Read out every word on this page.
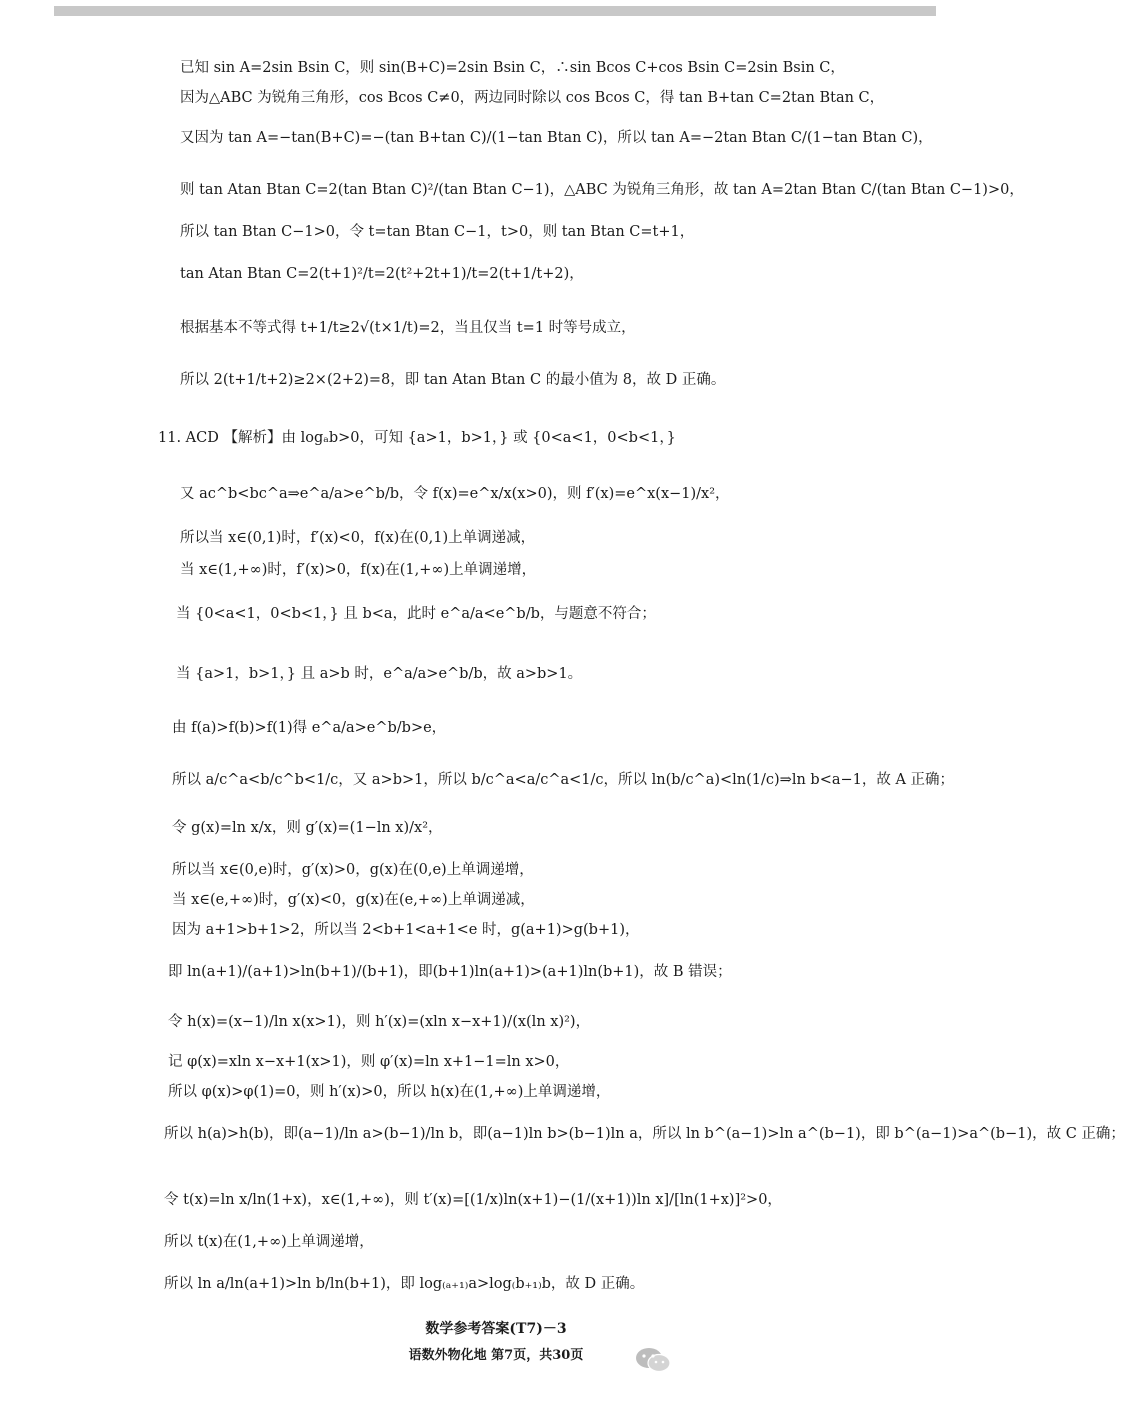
已知 sin A=2sin Bsin C，则 sin(B+C)=2sin Bsin C，∴sin Bcos C+cos Bsin C=2sin Bsin C，
因为△ABC 为锐角三角形，cos Bcos C≠0，两边同时除以 cos Bcos C，得 tan B+tan C=2tan Btan C，
又因为 tan A=−tan(B+C)=−(tan B+tan C)/(1−tan Btan C)，所以 tan A=−2tan Btan C/(1−tan Btan C)，
则 tan Atan Btan C=2(tan Btan C)²/(tan Btan C−1)，△ABC 为锐角三角形，故 tan A=2tan Btan C/(tan Btan C−1)>0，
所以 tan Btan C−1>0，令 t=tan Btan C−1，t>0，则 tan Btan C=t+1，
tan Atan Btan C=2(t+1)²/t=2(t²+2t+1)/t=2(t+1/t+2)，
根据基本不等式得 t+1/t≥2√(t×1/t)=2，当且仅当 t=1 时等号成立，
所以 2(t+1/t+2)≥2×(2+2)=8，即 tan Atan Btan C 的最小值为 8，故 D 正确。
11. ACD 【解析】由 logₐb>0，可知 {a>1，b>1，} 或 {0<a<1，0<b<1，}
又 ac^b<bc^a⇒e^a/a>e^b/b，令 f(x)=e^x/x(x>0)，则 f′(x)=e^x(x−1)/x²，
所以当 x∈(0,1)时，f′(x)<0，f(x)在(0,1)上单调递减，
当 x∈(1,+∞)时，f′(x)>0，f(x)在(1,+∞)上单调递增，
当 {0<a<1，0<b<1，} 且 b<a，此时 e^a/a<e^b/b，与题意不符合；
当 {a>1，b>1，} 且 a>b 时，e^a/a>e^b/b，故 a>b>1。
由 f(a)>f(b)>f(1)得 e^a/a>e^b/b>e，
所以 a/c^a<b/c^b<1/c，又 a>b>1，所以 b/c^a<a/c^a<1/c，所以 ln(b/c^a)<ln(1/c)⇒ln b<a−1，故 A 正确；
令 g(x)=ln x/x，则 g′(x)=(1−ln x)/x²，
所以当 x∈(0,e)时，g′(x)>0，g(x)在(0,e)上单调递增，
当 x∈(e,+∞)时，g′(x)<0，g(x)在(e,+∞)上单调递减，
因为 a+1>b+1>2，所以当 2<b+1<a+1<e 时，g(a+1)>g(b+1)，
即 ln(a+1)/(a+1)>ln(b+1)/(b+1)，即(b+1)ln(a+1)>(a+1)ln(b+1)，故 B 错误；
令 h(x)=(x−1)/ln x(x>1)，则 h′(x)=(xln x−x+1)/(x(ln x)²)，
记 φ(x)=xln x−x+1(x>1)，则 φ′(x)=ln x+1−1=ln x>0，
所以 φ(x)>φ(1)=0，则 h′(x)>0，所以 h(x)在(1,+∞)上单调递增，
所以 h(a)>h(b)，即(a−1)/ln a>(b−1)/ln b，即(a−1)ln b>(b−1)ln a，所以 ln b^(a−1)>ln a^(b−1)，即 b^(a−1)>a^(b−1)，故 C 正确；
令 t(x)=ln x/ln(1+x)，x∈(1,+∞)，则 t′(x)=[(1/x)ln(x+1)−(1/(x+1))ln x]/[ln(1+x)]²>0，
所以 t(x)在(1,+∞)上单调递增，
所以 ln a/ln(a+1)>ln b/ln(b+1)，即 log₍ₐ₊₁₎a>log₍b₊₁₎b，故 D 正确。
数学参考答案(T7)－3
语数外物化地 第7页，共30页
